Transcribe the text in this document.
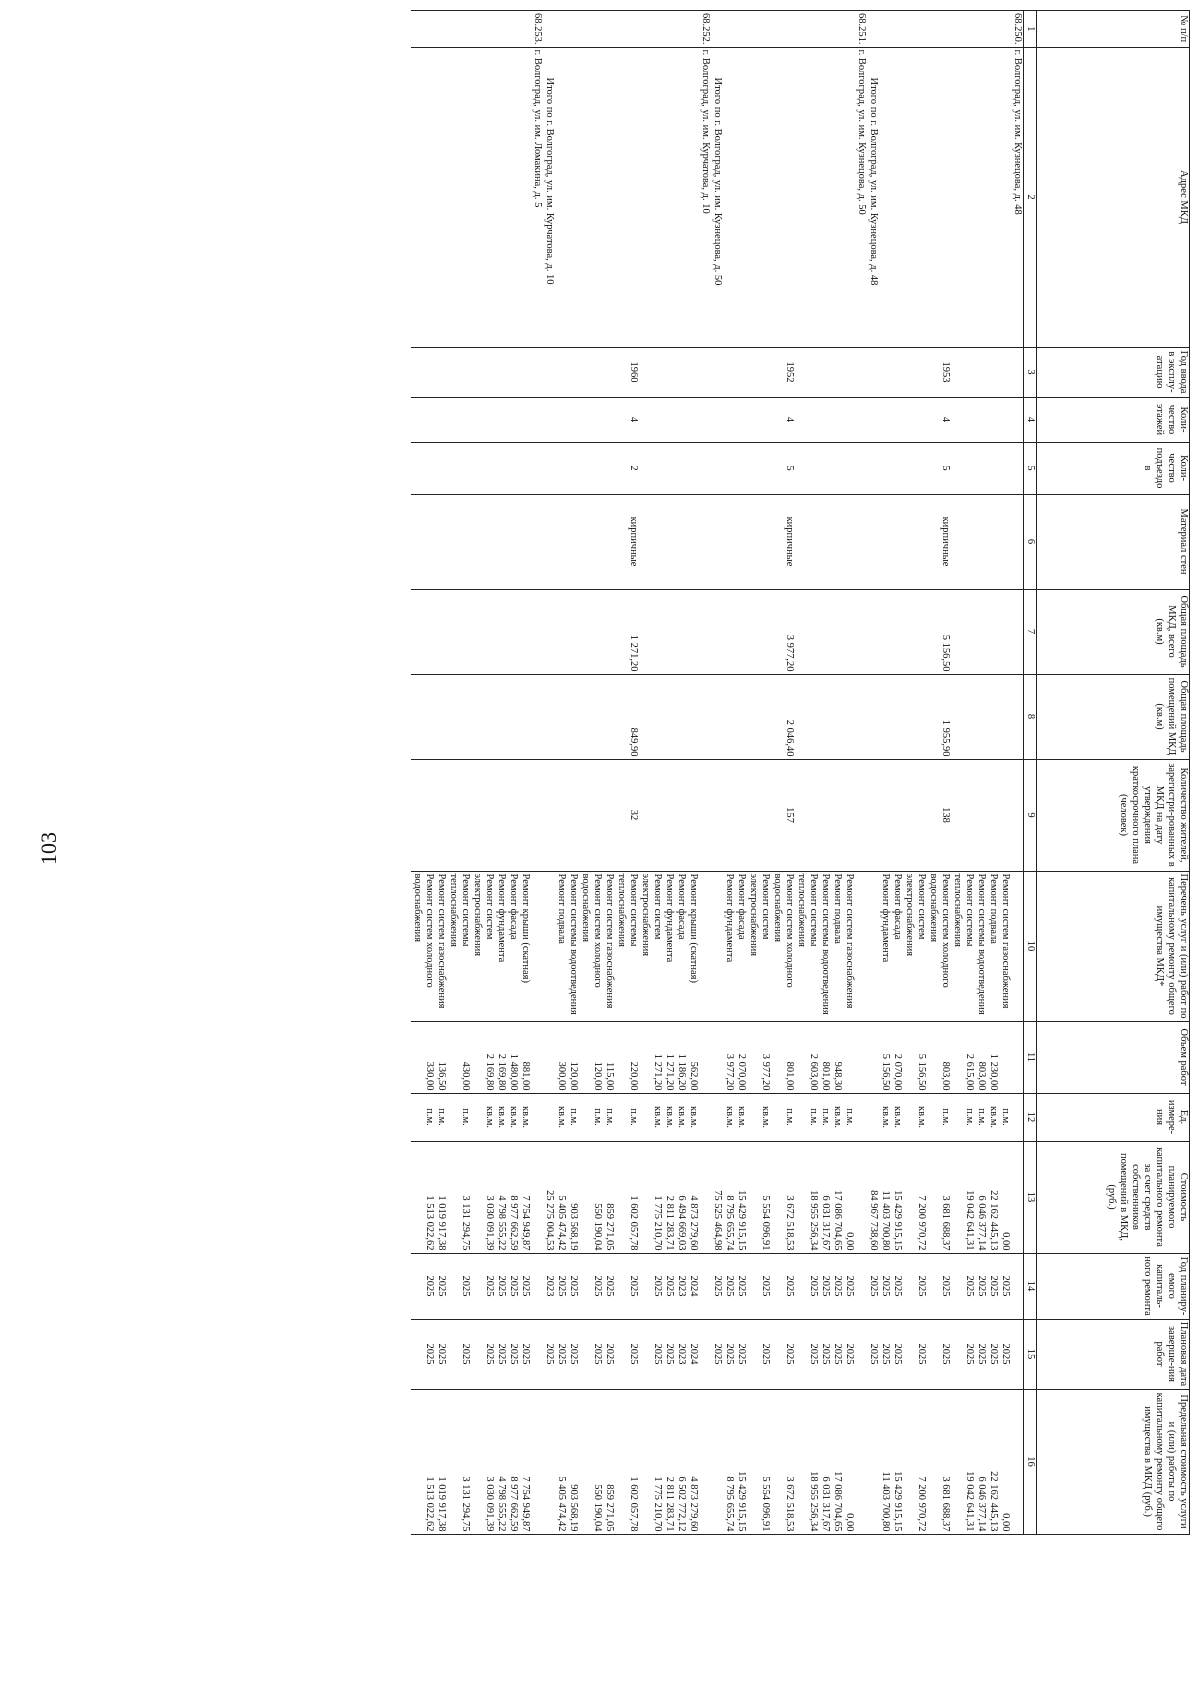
103
№ п/п	Адрес МКД	Год ввода в эксплу-атацию	Коли-чество этажей	Коли-чество подъездо в	Материал стен	Общая площадь МКД, всего (кв.м)	Общая площадь помещений МКД (кв.м)	Количество жителей, зарегистри-рованных в МКД на дату утверждения краткосрочного плана (человек)	Перечень услуг и (или) работ по капитальному ремонту общего имущества МКД*	Объем работ	Ед. измере-ния	Стоимость планируемого капитального ремонта за счет средств собственников помещений в МКД, (руб.)	Год планиру-емого капиталь-ного ремонта	Плановая дата заверше-ния работ	Предельная стоимость услуги и (или) работы по капитальному ремонту общего имущества в МКД (руб.)
1	2	3	4	5	6	7	8	9	10	11	12	13	14	15	16
68.250.	г. Волгоград, ул. им. Кузнецова, д. 48														
									Ремонт систем газоснабжения		п.м.	0,00	2025	2025	0,00
									Ремонт подвала	1 230,00	кв.м.	22 162 445,13	2025	2025	22 162 445,13
									Ремонт системы водоотведения	803,00	п.м.	6 046 377,14	2025	2025	6 046 377,14
									Ремонт системы теплоснабжения	2 615,00	п.м.	19 042 641,31	2025	2025	19 042 641,31
		1953	4	5	кирпичные	5 156,50	1 955,90	138	Ремонт систем холодного водоснабжения	803,00	п.м.	3 681 688,37	2025	2025	3 681 688,37
									Ремонт систем электроснабжения	5 156,50	кв.м.	7 200 970,72	2025	2025	7 200 970,72
									Ремонт фасада	2 070,00	кв.м.	15 429 915,15	2025	2025	15 429 915,15
									Ремонт фундамента	5 156,50	кв.м.	11 403 700,80	2025	2025	11 403 700,80
	Итого по г. Волгоград, ул. им. Кузнецова, д. 48											84 967 738,60	2025	2025	
68.251.	г. Волгоград, ул. им. Кузнецова, д. 50														
									Ремонт систем газоснабжения		п.м.	0,00	2025	2025	0,00
									Ремонт подвала	948,30	кв.м.	17 086 704,65	2025	2025	17 086 704,65
									Ремонт системы водоотведения	801,00	п.м.	6 031 317,67	2025	2025	6 031 317,67
									Ремонт системы теплоснабжения	2 603,00	п.м.	18 955 256,34	2025	2025	18 955 256,34
		1952	4	5	кирпичные	3 977,20	2 046,40	157	Ремонт систем холодного водоснабжения	801,00	п.м.	3 672 518,53	2025	2025	3 672 518,53
									Ремонт систем электроснабжения	3 977,20	кв.м.	5 554 096,91	2025	2025	5 554 096,91
									Ремонт фасада	2 070,00	кв.м.	15 429 915,15	2025	2025	15 429 915,15
									Ремонт фундамента	3 977,20	кв.м.	8 795 655,74	2025	2025	8 795 655,74
	Итого по г. Волгоград, ул. им. Кузнецова, д. 50											75 525 464,98	2025	2025	
68.252.	г. Волгоград, ул. им. Курчатова, д. 10														
									Ремонт крыши (скатная)	562,00	кв.м.	4 873 279,60	2024	2024	4 873 279,60
									Ремонт фасада	1 186,20	кв.м.	6 494 669,03	2023	2023	6 502 772,12
									Ремонт фундамента	1 271,20	кв.м.	2 811 283,71	2025	2025	2 811 283,71
									Ремонт систем электроснабжения	1 271,20	кв.м.	1 775 210,70	2025	2025	1 775 210,70
		1960	4	2	кирпичные	1 271,20	849,90	32	Ремонт системы теплоснабжения	220,00	п.м.	1 602 057,78	2025	2025	1 602 057,78
									Ремонт систем газоснабжения	115,00	п.м.	859 271,05	2025	2025	859 271,05
									Ремонт систем холодного водоснабжения	120,00	п.м.	550 190,04	2025	2025	550 190,04
									Ремонт системы водоотведения	120,00	п.м.	903 568,19	2025	2025	903 568,19
									Ремонт подвала	300,00	кв.м.	5 405 474,42	2025	2025	5 405 474,42
	Итого по г. Волгоград, ул. им. Курчатова, д. 10											25 275 004,53	2023	2025	
68.253.	г. Волгоград, ул. им. Ломакина, д. 5														
									Ремонт крыши (скатная)	881,00	кв.м.	7 754 949,87	2025	2025	7 754 949,87
									Ремонт фасада	1 480,00	кв.м.	8 977 662,59	2025	2025	8 977 662,59
									Ремонт фундамента	2 169,80	кв.м.	4 798 555,22	2025	2025	4 798 555,22
									Ремонт систем электроснабжения	2 169,80	кв.м.	3 030 091,39	2025	2025	3 030 091,39
									Ремонт системы теплоснабжения	430,00	п.м.	3 131 294,75	2025	2025	3 131 294,75
									Ремонт систем газоснабжения	136,50	п.м.	1 019 917,38	2025	2025	1 019 917,38
									Ремонт систем холодного водоснабжения	330,00	п.м.	1 513 022,62	2025	2025	1 513 022,62
